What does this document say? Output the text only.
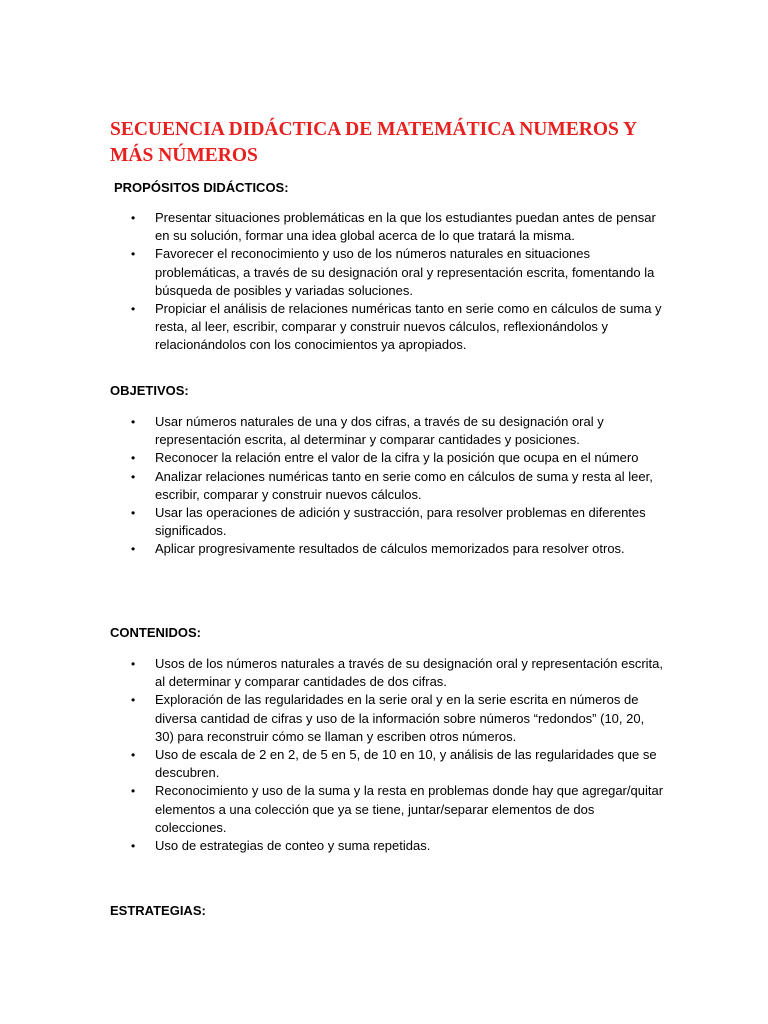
SECUENCIA DIDÁCTICA DE MATEMÁTICA NUMEROS Y MÁS NÚMEROS
PROPÓSITOS DIDÁCTICOS:
• Presentar situaciones problemáticas en la que los estudiantes puedan antes de pensar en su solución, formar una idea global acerca de lo que tratará la misma.
• Favorecer el reconocimiento y uso de los números naturales en situaciones problemáticas, a través de su designación oral y representación escrita, fomentando la búsqueda de posibles y variadas soluciones.
• Propiciar el análisis de relaciones numéricas tanto en serie como en cálculos de suma y resta, al leer, escribir, comparar y construir nuevos cálculos, reflexionándolos y relacionándolos con los conocimientos ya apropiados.
OBJETIVOS:
• Usar números naturales de una y dos cifras, a través de su designación oral y representación escrita, al determinar y comparar cantidades y posiciones.
• Reconocer la relación entre el valor de la cifra y la posición que ocupa en el número
• Analizar relaciones numéricas tanto en serie como en cálculos de suma y resta al leer, escribir, comparar y construir nuevos cálculos.
• Usar las operaciones de adición y sustracción, para resolver problemas en diferentes significados.
• Aplicar progresivamente resultados de cálculos memorizados para resolver otros.
CONTENIDOS:
• Usos de los números naturales a través de su designación oral y representación escrita, al determinar y comparar cantidades de dos cifras.
• Exploración de las regularidades en la serie oral y en la serie escrita en números de diversa cantidad de cifras y uso de la información sobre números “redondos” (10, 20, 30) para reconstruir cómo se llaman y escriben otros números.
• Uso de escala de 2 en 2, de 5 en 5, de 10 en 10, y análisis de las regularidades que se descubren.
• Reconocimiento y uso de la suma y la resta en problemas donde hay que agregar/quitar elementos a una colección que ya se tiene, juntar/separar elementos de dos colecciones.
• Uso de estrategias de conteo y suma repetidas.
ESTRATEGIAS:
